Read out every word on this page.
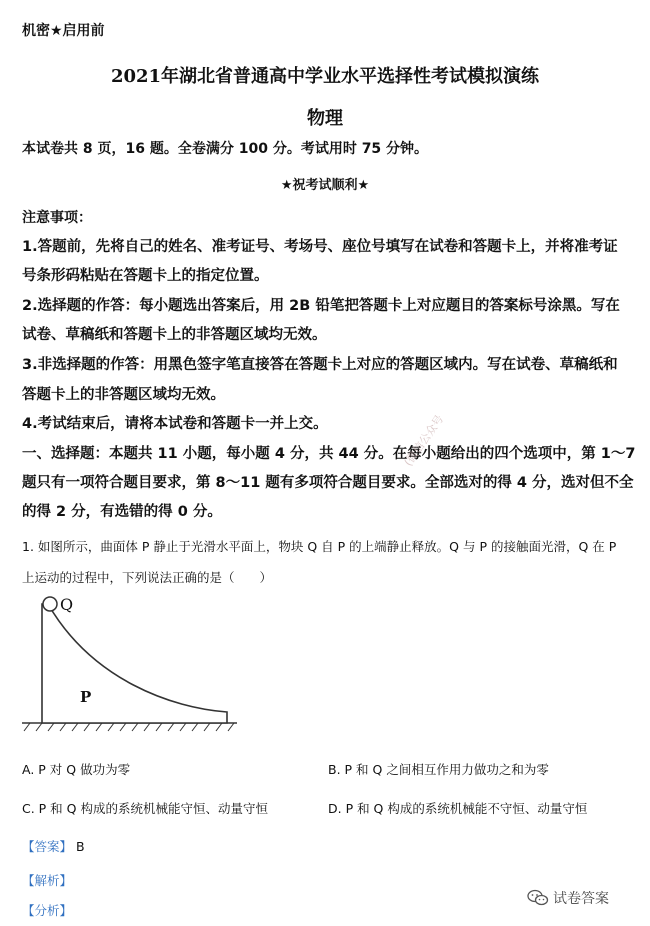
机密★启用前
2021年湖北省普通高中学业水平选择性考试模拟演练
物理
本试卷共 8 页，16 题。全卷满分 100 分。考试用时 75 分钟。
★祝考试顺利★
注意事项：
1.答题前，先将自己的姓名、准考证号、考场号、座位号填写在试卷和答题卡上，并将准考证
号条形码粘贴在答题卡上的指定位置。
2.选择题的作答：每小题选出答案后，用 2B 铅笔把答题卡上对应题目的答案标号涂黑。写在
试卷、草稿纸和答题卡上的非答题区域均无效。
3.非选择题的作答：用黑色签字笔直接答在答题卡上对应的答题区域内。写在试卷、草稿纸和
答题卡上的非答题区域均无效。
4.考试结束后，请将本试卷和答题卡一并上交。
一、选择题：本题共 11 小题，每小题 4 分，共 44 分。在每小题给出的四个选项中，第 1～7
题只有一项符合题目要求，第 8～11 题有多项符合题目要求。全部选对的得 4 分，选对但不全
的得 2 分，有选错的得 0 分。
(微信公众号
1. 如图所示，曲面体 P 静止于光滑水平面上，物块 Q 自 P 的上端静止释放。Q 与 P 的接触面光滑，Q 在 P
上运动的过程中，下列说法正确的是（　　）
Q
P
A. P 对 Q 做功为零	B. P 和 Q 之间相互作用力做功之和为零
C. P 和 Q 构成的系统机械能守恒、动量守恒	D. P 和 Q 构成的系统机械能不守恒、动量守恒
【答案】 B
【解析】
【分析】
试卷答案
